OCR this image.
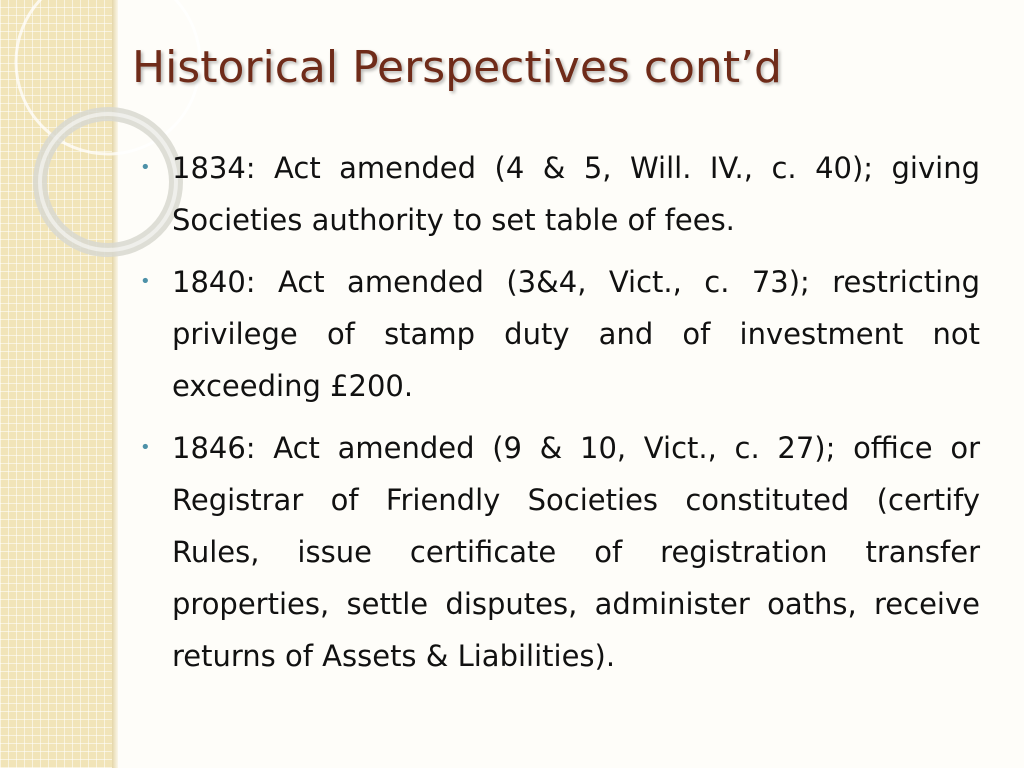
Historical Perspectives cont’d
• 1834: Act amended (4 & 5, Will. IV., c. 40); giving Societies authority to set table of fees.
• 1840: Act amended (3&4, Vict., c. 73); restricting privilege of stamp duty and of investment not exceeding £200.
• 1846: Act amended (9 & 10, Vict., c. 27); office or Registrar of Friendly Societies constituted (certify Rules, issue certificate of registration transfer properties, settle disputes, administer oaths, receive returns of Assets & Liabilities).
